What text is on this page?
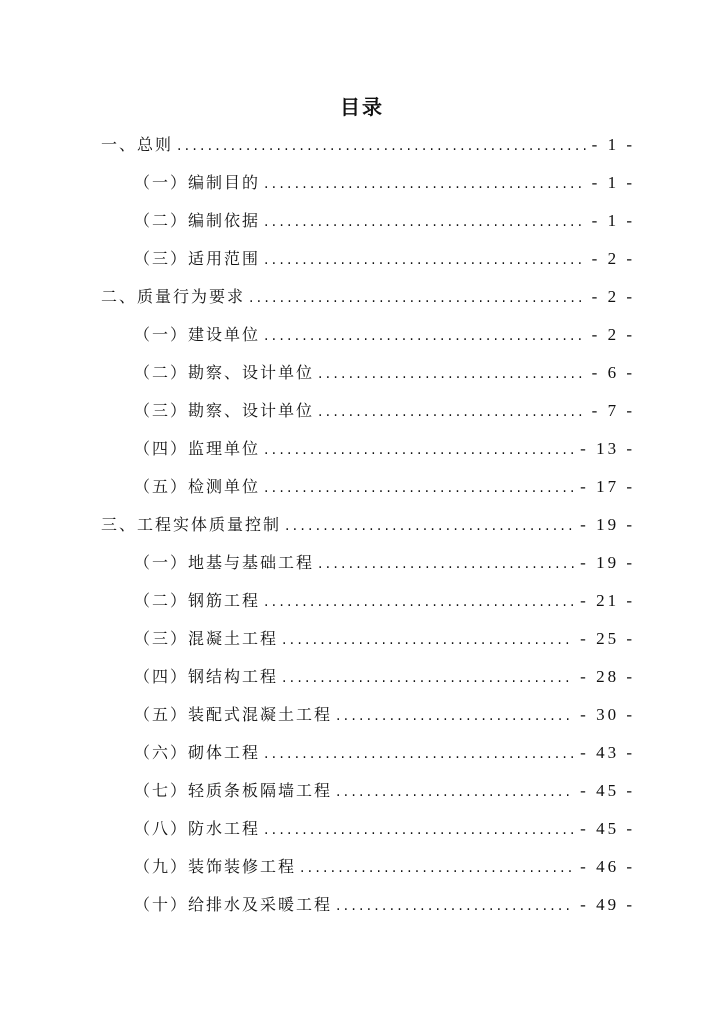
目录
一、总则 .....	- 1 -
（一）编制目的 .....	- 1 -
（二）编制依据 .....	- 1 -
（三）适用范围 .....	- 2 -
二、质量行为要求 .....	- 2 -
（一）建设单位 .....	- 2 -
（二）勘察、设计单位 .....	- 6 -
（三）勘察、设计单位 .....	- 7 -
（四）监理单位 .....	- 13 -
（五）检测单位 .....	- 17 -
三、工程实体质量控制 .....	- 19 -
（一）地基与基础工程 .....	- 19 -
（二）钢筋工程 .....	- 21 -
（三）混凝土工程 .....	- 25 -
（四）钢结构工程 .....	- 28 -
（五）装配式混凝土工程 .....	- 30 -
（六）砌体工程 .....	- 43 -
（七）轻质条板隔墙工程 .....	- 45 -
（八）防水工程 .....	- 45 -
（九）装饰装修工程 .....	- 46 -
（十）给排水及采暖工程 .....	- 49 -
